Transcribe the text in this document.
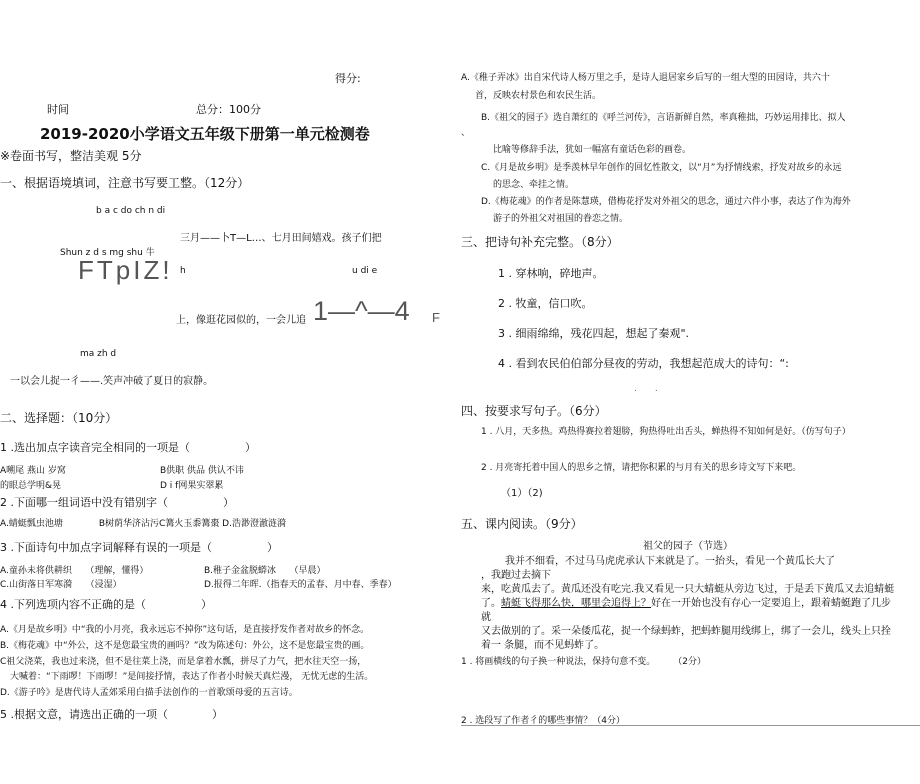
得分:
时间	总分：100分
2019-2020小学语文五年级下册第一单元检测卷
※卷面书写，整洁美观 5分
一、根据语境填词，注意书写要工整。（12分）
b a c do ch n di
三月——卜T—L…、七月田间嬉戏。孩子们把
Shun z d s mg shu 牛
FTpIZ! h	u di e
上，像逛花园似的，一会儿追 1—^—4 F
ma zh d
一以会儿捉一彳——.笑声冲破了夏日的寂静。
二、选择题：（10分）
1 .选出加点字读音完全相同的一项是（　　　　　）
A嗍尾 燕山 岁窝	B供职 供品 供认不讳
的眼总学明&晃	D i f网果实翠累
2 .下面哪一组词语中没有错别字（　　　　　）
A.蜻蜓瓢虫池塘　　　　B树荫华济沾污C篝火玉黍篝棗 D.浩渺澄澈涟漪
3 .下面诗句中加点字词解释有误的一项是（　　　　　）
A.童孙未将供耕织　　（理解，懂得）	B.稚子金盆脱蟒冰　　（早晨）
C.山街落日军寒漪　　（浸湿）	D.报得二年晖.（指春天的孟春、月中春、季春）
4 .下列选项内容不正确的是（　　　　　）
A.《月是故乡明》中“我的小月亮，我永远忘不掉你”这句话，是直接抒发作者对故乡的怀念。
B.《梅花魂》中“外公，这不是您最宝贵的画吗？”改为陈述句：外公，这不是您最宝贵的画。
C祖父浇菜，我也过来浇，但不是往菜上浇，而是拿着水瓢，拼尽了力气，把水往天空一扬，
大喊着：“下雨啰！下雨啰！”是间接抒情，表达了作者小时候天真烂漫， 无忧无虑的生活。
D.《游子吟》是唐代诗人孟郊采用白描手法创作的一首歌颂母爱的五言诗。
5 .根据文意，请选出正确的一项（　　　　）
A.《稚子弄冰》出自宋代诗人杨万里之手，是诗人退居家乡后写的一组大型的田园诗，共六十
首，反映农村景色和农民生活。
B.《祖父的园子》选自萧红的《呼兰河传》，言语新鲜自然，率真稚拙，巧妙运用排比、拟人
、
比喻等修辞手法，犹如一幅富有童话色彩的画卷。
C.《月是故乡明》是季羡林早年创作的回忆性散文，以“月”为抒情线索，抒发对故乡的永远
的思念、牵挂之情。
D.《梅花魂》的作者是陈慧瑛，借梅花抒发对外祖父的思念，通过六件小事，表达了作为海外
游子的外祖父对祖国的眷恋之情。
三、把诗句补充完整。（8分）
1 . 穿林响，碎地声。
2 . 牧童，信口吹。
3 . 细雨绵绵，残花四起，想起了秦观".
4 . 看到农民伯伯部分昼夜的劳动，我想起范成大的诗句：“:
.　　.
四、按要求写句子。（6分）
1 . 八月，天多热。鸡热得赛拉着翅膀，狗热得吐出舌头，蝉热得不知如何是好。（仿写句子）
2 . 月亮寄托着中国人的思乡之情，请把你积累的与月有关的思乡诗文写下来吧。
（1）（2)
五、课内阅读。（9分）
祖父的园子（节选）
我并不细看，不过马马虎虎承认下来就是了。一抬头，看见一个黄瓜长大了
，我跑过去摘下
来，吃黄瓜去了。黄瓜还没有吃完.我又看见一只大蜻蜓从旁边飞过，于是丢下黄瓜又去追蜻蜓
了。蜻蜓飞得那么快，哪里会追得上？好在一开始也没有存心一定要追上，跟着蜻蜓跑了几步
就
又去做别的了。采一朵倭瓜花，捉一个绿蚂蚱，把蚂蚱腿用线绑上，绑了一会儿，线头上只拴
着一 条腿，而不见蚂蚱了。
1 . 将画横线的句子换一种说法，保持句意不变。　　　（2分）
2 . 选段写了作者彳的哪些事情？（4分）
